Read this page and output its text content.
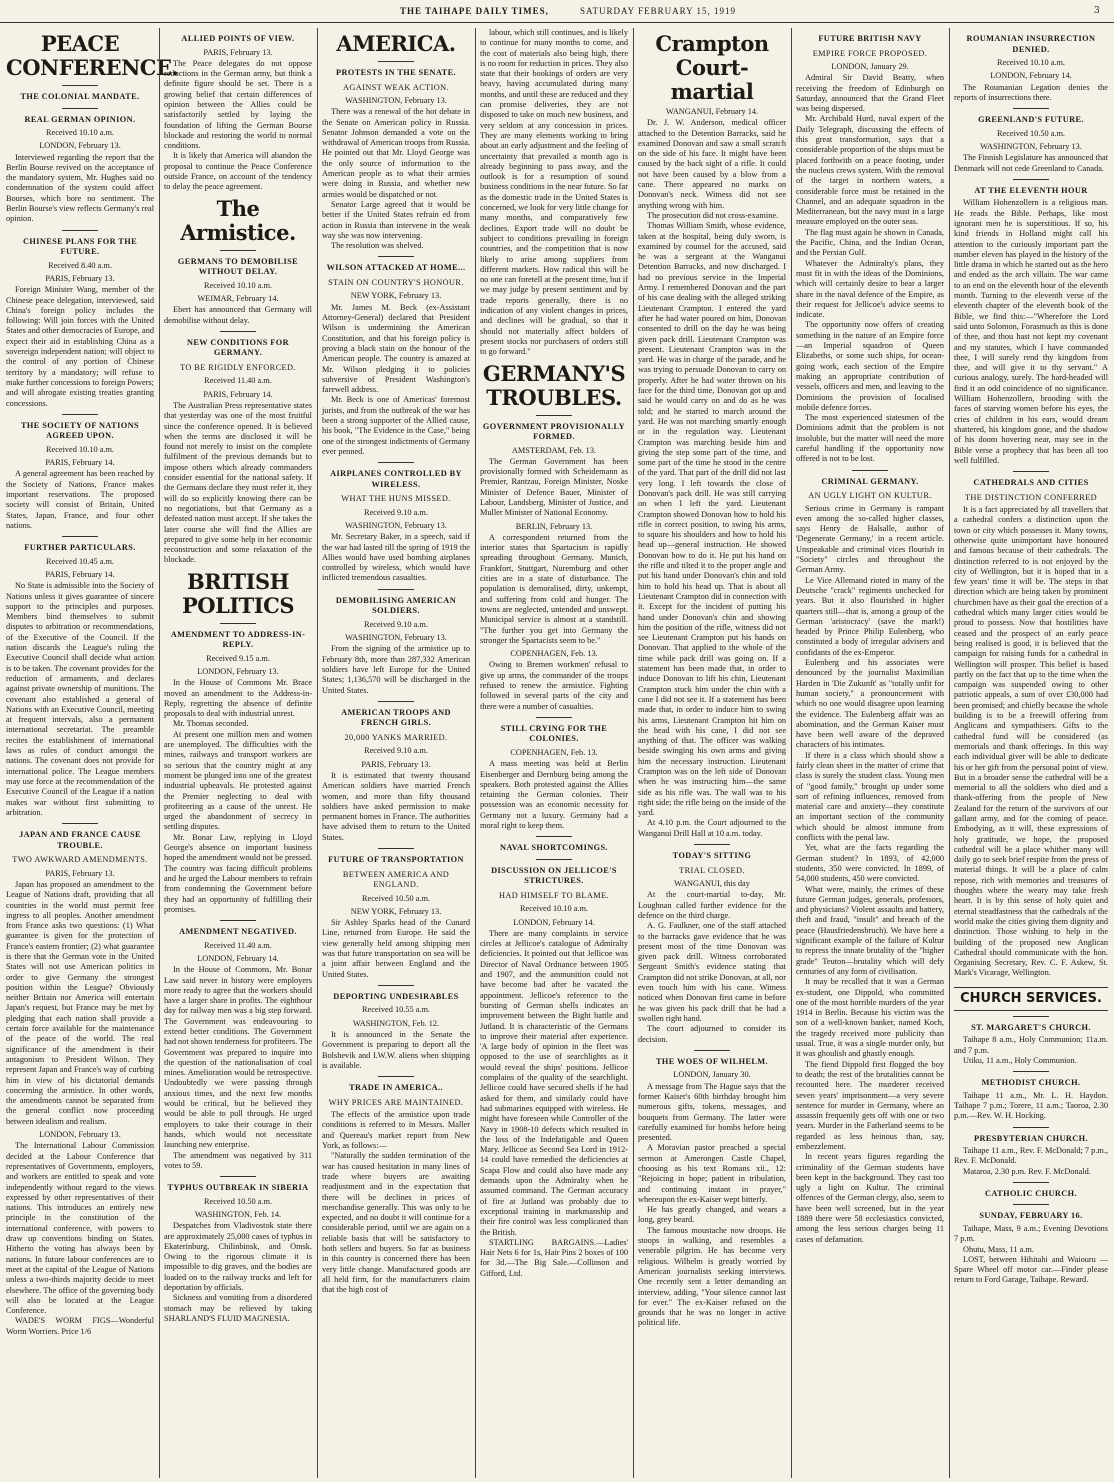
THE TAIHAPE DAILY TIMES,	SATURDAY FEBRUARY 15, 1919	3
PEACE CONFERENCE.
THE COLONIAL MANDATE.
REAL GERMAN OPINION.
Received 10.10 a.m.
LONDON, February 13.

Interviewed regarding the report that the Berlin Bourse revived on the acceptance of the mandatory system, Mr. Hughes said no condemnation of the system could affect Bourses, which bore no sentiment. The Berlin Bourse's view reflects Germany's real opinion.

CHINESE PLANS FOR THE FUTURE.
Received 8.40 a.m.
PARIS, February 13.

Foreign Minister Wang, member of the Chinese peace delegation, interviewed, said China's foreign policy includes the following: Will join forces with the United States and other democracies of Europe, and expect their aid in establishing China as a sovereign independent nation; will object to the control of any portion of Chinese territory by a mandatory; will refuse to make further concessions to foreign Powers; and will abrogate existing treaties granting concessions.

THE SOCIETY OF NATIONS AGREED UPON.
Received 10.10 a.m.
PARIS, February 14.

A general agreement has been reached by the Society of Nations, France makes important reservations. The proposed society will consist of Britain, United States, Japan, France, and four other nations.

FURTHER PARTICULARS.
Received 10.45 a.m.
PARIS, February 14.

No State is admissible into the Society of Nations unless it gives guarantee of sincere support to the principles and purposes. Members bind themselves to submit disputes to arbitration or recommendations, of the Executive of the Council. If the nation discards the League's ruling the Executive Council shall decide what action is to be taken. The covenant provides for the reduction of armaments, and declares against private ownership of munitions. The covenant also established a general of Nations with an Executive Council, meeting at frequent intervals, also a permanent international secretariat. The preamble recites the establishment of international laws as rules of conduct amongst the nations. The covenant does not provide for international police. The League members may use force at the recommendation of the Executive Council of the League if a nation makes war without first submitting to arbitration.

JAPAN AND FRANCE CAUSE TROUBLE.
TWO AWKWARD AMENDMENTS.
PARIS, February 13.

Japan has proposed an amendment to the League of Nations draft, providing that all countries in the world must permit free ingress to all peoples. Another amendment from France asks two questions: (1) What guarantee is given for the protection of France's eastern frontier; (2) what guarantee is there that the German vote in the United States will not use American politics in order to give Germany the strongest position within the League? Obviously neither Britain nor America will entertain Japan's request, but France may be met by pledging that each nation shall provide a certain force available for the maintenance of the peace of the world. The real significance of the amendment is their antagonism to President Wilson. They represent Japan and France's way of curbing him in view of his dictatorial demands concerning the armistice. In other words, the amendments cannot be separated from the general conflict now proceeding between idealism and realism.

LONDON, February 13.

The International Labour Commission decided at the Labour Conference that representatives of Governments, employers, and workers are entitled to speak and vote independently without regard to the views expressed by other representatives of their nations. This introduces an entirely new principle in the constitution of the international conference, with powers to draw up conventions binding on States. Hitherto the voting has always been by nations. In future labour conferences are to meet at the capital of the League of Nations unless a two-thirds majority decide to meet elsewhere. The office of the governing body will also be located at the League Conference.

WADE'S WORM FIGS—Wonderful Worm Worriers. Price 1/6

ALLIED POINTS OF VIEW.
PARIS, February 13.

The Peace delegates do not oppose reductions in the German army, but think a definite figure should be set. There is a growing belief that certain differences of opinion between the Allies could be satisfactorily settled by laying the foundation of lifting the German Bourse blockade and restoring the world to normal conditions.

It is likely that America will abandon the proposal to continue the Peace Conference outside France, on account of the tendency to delay the peace agreement.

The Armistice.
GERMANS TO DEMOBILISE WITHOUT DELAY.
Received 10.10 a.m.
WEIMAR, February 14.

Ebert has announced that Germany will demobilise without delay.

NEW CONDITIONS FOR GERMANY.
TO BE RIGIDLY ENFORCED.
Received 11.40 a.m.
PARIS, February 14.

The Australian Press representative states that yesterday was one of the most fruitful since the conference opened. It is believed when the terms are disclosed it will be found not merely to insist on the complete fulfilment of the previous demands but to impose others which already commanders consider essential for the national safety. If the Germans declare they must refer it, they will do so explicitly knowing there can be no negotiations, but that Germany as a defeated nation must accept. If she takes the later course she will find the Allies are prepared to give some help in her economic reconstruction and some relaxation of the blockade.

BRITISH POLITICS
AMENDMENT TO ADDRESS-IN-REPLY.
Received 9.15 a.m.
LONDON, February 13.

In the House of Commons Mr. Brace moved an amendment to the Address-in-Reply, regretting the absence of definite proposals to deal with industrial unrest.

Mr. Thomas seconded.

At present one million men and women are unemployed. The difficulties with the mines, railways and transport workers are so serious that the country might at any moment be plunged into one of the greatest industrial upheavals. He protested against the Premier neglecting to deal with profiteering as a cause of the unrest. He urged the abandonment of secrecy in settling disputes.

Mr. Bonar Law, replying in Lloyd George's absence on important business hoped the amendment would not be pressed. The country was facing difficult problems and he urged the Labour members to refrain from condemning the Government before they had an opportunity of fulfilling their promises.

AMENDMENT NEGATIVED.
Received 11.40 a.m.
LONDON, February 14.

In the House of Commons, Mr. Bonar Law said never in history were employers more ready to agree that the workers should have a larger share in profits. The eighthour day for railway men was a big step forward. The Government was endeavouring to extend better conditions. The Government had not shown tenderness for profiteers. The Government was prepared to inquire into the question of the nationalisation of coal mines. Amelioration would be retrospective. Undoubtedly we were passing through anxious times, and the next few months would be critical, but he believed they would be able to pull through. He urged employers to take their courage in their hands, which would not necessitate launching new enterprise.

The amendment was negatived by 311 votes to 59.

TYPHUS OUTBREAK IN SIBERIA
Received 10.50 a.m.
WASHINGTON, Feb. 14.

Despatches from Vladivostok state there are approximately 25,000 cases of typhus in Ekaterinburg, Chilinbinsk, and Omsk. Owing to the rigorous climate it is impossible to dig graves, and the bodies are loaded on to the railway trucks and left for deportation by officials.

Sickness and vomiting from a disordered stomach may be relieved by taking SHARLAND'S FLUID MAGNESIA.

AMERICA.
PROTESTS IN THE SENATE.
AGAINST WEAK ACTION.
WASHINGTON, February 13.

There was a renewal of the hot debate in the Senate on American policy in Russia. Senator Johnson demanded a vote on the withdrawal of American troops from Russia. He pointed out that Mr. Lloyd George was the only source of information to the American people as to what their armies were doing in Russia, and whether new armies would be dispatched or not.

Senator Large agreed that it would be better if the United States refrain ed from action in Russia than intervene in the weak way she was now intervening.

The resolution was shelved.

WILSON ATTACKED AT HOME...
STAIN ON COUNTRY'S HONOUR.
NEW YORK, February 13.

Mr. James M. Beck (ex-Assistant Attorney-General) declared that President Wilson is undermining the American Constitution, and that his foreign policy is proving a black stain on the honour of the American people. The country is amazed at Mr. Wilson pledging it to policies subversive of President Washington's farewell address.

Mr. Beck is one of Americas' foremost jurists, and from the outbreak of the war has been a strong supporter of the Allied cause, his book, "The Evidence in the Case," being one of the strongest indictments of Germany ever penned.

AIRPLANES CONTROLLED BY WIRELESS.
WHAT THE HUNS MISSED.
Received 9.10 a.m.
WASHINGTON, February 13.

Mr. Secretary Baker, in a speech, said if the war had lasted till the spring of 1919 the Allies would have used bombing airplanes controlled by wireless, which would have inflicted tremendous casualties.

DEMOBILISING AMERICAN SOLDIERS.
Received 9.10 a.m.
WASHINGTON, February 13.

From the signing of the armistice up to February 8th, more than 287,332 American soldiers have left Europe for the United States; 1,136,570 will be discharged in the United States.

AMERICAN TROOPS AND FRENCH GIRLS.
20,000 YANKS MARRIED.
Received 9.10 a.m.
PARIS, February 13.

It is estimated that twenty thousand American soldiers have married French women, and more than fifty thousand soldiers have asked permission to make permanent homes in France. The authorities have advised them to return to the United States.

FUTURE OF TRANSPORTATION
BETWEEN AMERICA AND ENGLAND.
Received 10.50 a.m.
NEW YORK, February 13.

Sir Ashley Sparks head of the Cunard Line, returned from Europe. He said the view generally held among shipping men was that future transportation on sea will be a joint affair between England and the United States.

DEPORTING UNDESIRABLES
Received 10.55 a.m.
WASHINGTON, Feb. 12.

It is announced in the Senate the Government is preparing to deport all the Bolshevik and I.W.W. aliens when shipping is available.

TRADE IN AMERICA..
WHY PRICES ARE MAINTAINED.

The effects of the armistice upon trade conditions is referred to in Messrs. Maller and Quereau's market report from New York, as follows:—

"Naturally the sudden termination of the war has caused hesitation in many lines of trade where buyers are awaiting readjustment and in the expectation that there will be declines in prices of merchandise generally. This was only to be expected, and no doubt it will continue for a considerable period, until we are again on a reliable basis that will be satisfactory to both sellers and buyers. So far as business in this country is concerned there has been very little change. Manufactured goods are all held firm, for the manufacturers claim that the high cost of

labour, which still continues, and is likely to continue for many months to come, and the cost of materials also being high, there is no room for reduction in prices. They also state that their bookings of orders are very heavy, having accumulated during many months, and until these are reduced and they can promise deliveries, they are not disposed to take on much new business, and very seldom at any concession in prices. They are many elements working to bring about an early adjustment and the feeling of uncertainty that prevailed a month ago is already beginning to pass away, and the outlook is for a resumption of sound business conditions in the near future. So far as the domestic trade in the United States is concerned, we look for very little change for many months, and comparatively few declines. Export trade will no doubt be subject to conditions prevailing in foreign countries, and the competition that is now likely to arise among suppliers from different markets. How radical this will be no one can foretell at the present time, but if we may judge by present sentiment and by trade reports generally, there is no indication of any violent changes in prices, and declines will be gradual, so that it should not materially affect holders of present stocks nor purchasers of orders still to go forward."

GERMANY'S TROUBLES.
GOVERNMENT PROVISIONALLY FORMED.
AMSTERDAM, Feb. 13.

The German Government has been provisionally formed with Scheidemann as Premier, Rantzau, Foreign Minister, Noske Minister of Defence Bauer, Minister of Labour, Landsberg, Minister of Justice, and Muller Minister of National Economy.

BERLIN, February 13.

A correspondent returned from the interior states that Spartacism is rapidly spreading throughout Germany. Munich, Frankfort, Stuttgart, Nuremburg and other cities are in a state of disturbance. The population is demoralised, dirty, unkempt, and suffering from cold and hunger. The towns are neglected, untended and unswept. Municipal service is almost at a standstill. "The further you get into Germany the stronger the Spartacists seem to be."

COPENHAGEN, Feb. 13.

Owing to Bremen workmen' refusal to give up arms, the commander of the troops refused to renew the armistice. Fighting followed in several parts of the city and there were a number of casualties.

STILL CRYING FOR THE COLONIES.
COPENHAGEN, Feb. 13.

A mass meeting was held at Berlin Eisenberger and Dernburg being among the speakers. Both protested against the Allies retaining the German colonies. Their possession was an economic necessity for Germany not a luxury. Germany had a moral right to keep them.

NAVAL SHORTCOMINGS.
DISCUSSION ON JELLICOE'S STRICTURES.
HAD HIMSELF TO BLAME.
Received 10.10 a.m.
LONDON, February 14.

There are many complaints in service circles at Jellicoe's catalogue of Admiralty deficiencies. It pointed out that Jellicoe was Director of Naval Ordnance between 1905 and 1907, and the ammunition could not have become bad after he vacated the appointment. Jellicoe's reference to the bursting of German shells indicates an improvement between the Bight battle and Jutland. It is characteristic of the Germans to improve their material after experience. 'A large body of opinion in the fleet was opposed to the use of searchlights as it would reveal the ships' positions. Jellicoe complains of the quality of the searchlight. Jellicoe could have secured shells if he had asked for them, and similarly could have had submarines equipped with wireless. He might have foreseen while Controller of the Navy in 1908-10 defects which resulted in the loss of the Indefatigable and Queen Mary. Jellicoe as Second Sea Lord in 1912-14 could have remedied the deficiencies at Scapa Flow and could also have made any demands upon the Admiralty when he assumed command. The German accuracy of fire at Jutland was probably due to exceptional training in markmanship and their fire control was less complicated than the British.

STARTLING BARGAINS.—Ladies' Hair Nets 6 for 1s, Hair Pins 2 boxes of 100 for 3d.—The Big Sale.—Collinson and Gifford, Ltd.

Crampton Court-martial
WANGANUI, February 14.

Dr. J. W. Anderson, medical officer attached to the Detention Barracks, said he examined Donovan and saw a small scratch on the side of his face. It might have been caused by the back sight of a rifle. It could not have been caused by a blow from a cane. There appeared no marks on Donovan's neck. Witness did not see anything wrong with him.

The prosecution did not cross-examine.

Thomas William Smith, whose evidence, taken at the hospital, being duly sworn, is examined by counsel for the accused, said he was a sergeant at the Wanganui Detention Barracks, and now discharged. I had no previous service in the Imperial Army. I remembered Donovan and the part of his case dealing with the alleged striking Lieutenant Crampton. I entered the yard after he had water poured on him, Donovan consented to drill on the day he was being given pack drill. Lieutenant Crampton was present. Lieutenant Crampton was in the yard. He was in charge of the parade, and he was trying to persuade Donovan to carry on properly. After he had water thrown on his face for the third time, Donovan got up and said he would carry on and do as he was told; and he started to march around the yard. He was not marching smartly enough or in the regulation way. Lieutenant Crampton was marching beside him and giving the step some part of the time, and some part of the time he stood in the centre of the yard. That part of the drill did not last very long. I left towards the close of Donovan's pack drill. He was still carrying on when I left the yard. Lieutenant Crampton showed Donovan how to hold his rifle in correct position, to swing his arms, to square his shoulders and how to hold his head up—general instruction. He showed Donovan how to do it. He put his hand on the rifle and tilted it to the proper angle and put his hand under Donovan's chin and told him to hold his head up. That is about all Lieutenant Crampton did in connection with it. Except for the incident of putting his hand under Donovan's chin and showing him the position of the rifle, witness did not see Lieutenant Crampton put his hands on Donovan. That applied to the whole of the time while pack drill was going on. If a statement has been made that, in order to induce Donovan to lift his chin, Lieutenant Crampton stuck him under the chin with a cane I did not see it. If a statement has been made that, in order to induce him to swing his arms, Lieutenant Crampton hit him on the head with his cane, I did not see anything of that. The officer was walking beside swinging his own arms and giving him the necessary instruction. Lieutenant Crampton was on the left side of Donovan when he was instructing him—the same side as his rifle was. The wall was to his right side; the rifle being on the inside of the yard.

At 4.10 p.m. the Court adjourned to the Wanganui Drill Hall at 10 a.m. today.

TODAY'S SITTING
TRIAL CLOSED.
WANGANUI, this day

At the court-martial to-day, Mr. Loughnan called further evidence for the defence on the third charge.

A. G. Faulkner, one of the staff attached to the barracks gave evidence that he was present most of the time Donovan was given pack drill. Witness corroborated Sergeant Smith's evidence stating that Crampton did not strike Donovan, at all, nor even touch him with his cane. Witness noticed when Donovan first came in before he was given his pack drill that he had a swollen right hand.

The court adjourned to consider its decision.

THE WOES OF WILHELM.
LONDON, January 30.

A message from The Hague says that the former Kaiser's 60th birthday brought him numerous gifts, tokens, messages, and bouquets from Germany. The latter were carefully examined for bombs before being presented.

A Moravian pastor preached a special sermon at Amerongen Castle Chapel, choosing as his text Romans xii., 12: "Rejoicing in hope; patient in tribulation, and continuing instant in prayer," whereupon the ex-Kaiser wept bitterly.

He has greatly changed, and wears a long, grey beard.

The famous moustache now droops. He stoops in walking, and resembles a venerable pilgrim. He has become very religious. Wilhelm is greatly worried by American journalists seeking interviews. One recently sent a letter demanding an interview, adding, "Your silence cannot last for ever." The ex-Kaiser refused on the grounds that he was no longer in active political life.

FUTURE BRITISH NAVY
EMPIRE FORCE PROPOSED.
LONDON, January 29.

Admiral Sir David Beatty, when receiving the freedom of Edinburgh on Saturday, announced that the Grand Fleet was being dispersed.

Mr. Archibald Hurd, naval expert of the Daily Telegraph, discussing the effects of this great transformation, says that a considerable proportion of the ships must be placed forthwith on a peace footing, under the nucleus crews system. With the removal of the target in northern waters, a considerable force must be retained in the Channel, and an adequate squadron in the Mediterranean, but the navy must in a large measure employed on the outer seas.

The flag must again be shown in Canada, the Pacific, China, and the Indian Ocean, and the Persian Gulf.

Whatever the Admiralty's plans, they must fit in with the ideas of the Dominions, which will certainly desire to bear a larger share in the naval defence of the Empire, as their request for Jellicoe's advice seems to indicate.

The opportunity now offers of creating something in the nature of an Empire force—an Imperial squadron of Queen Elizabeths, or some such ships, for ocean-going work, each section of the Empire making an appropriate contribution of vessels, officers and men, and leaving to the Dominions the provision of localised mobile defence forces.

The most experienced statesmen of the Dominions admit that the problem is not insoluble, but the matter will need the more careful handling if the opportunity now offered is not to be lost.

CRIMINAL GERMANY.
AN UGLY LIGHT ON KULTUR.

Serious crime in Germany is rampant even among the so-called higher classes, says Henry de Halsalle, author of 'Degenerate Germany,' in a recent article. Unspeakable and criminal vices flourish in "Society" circles and throughout the German Army.

Le Vice Allemand rioted in many of the Deutsche "crack" regiments unchecked for years. But it also flourished in higher quarters still—that is, among a group of the German 'aristocracy' (save the mark!) headed by Prince Philip Eulenberg, who constituted a body of irregular advisers and confidants of the ex-Emperor.

Eulenberg and his associates were denounced by the journalist Maximilian Harden in 'Die Zukunft' as "totally unfit for human society," a pronouncement with which no one would disagree upon learning the evidence. The Eulenberg affair was an abomination, and the German Kaiser must have been well aware of the depraved characters of his intimates.

If there is a class which should show a fairly clean sheet in the matter of crime that class is surely the student class. Young men of "good family," brought up under some sort of refining influences, removed from material care and anxiety—they constitute an important section of the community which should be almost immune from conflicts with the penal law.

Yet, what are the facts regarding the German student? In 1893, of 42,000 students, 350 were convicted. In 1899, of 54,000 students, 450 were convicted.

What were, mainly, the crimes of these future German judges, generals, professors, and physicians? Violent assaults and battery, theft and fraud, "insult" and breach of the peace (Hausfriedensbruch). We have here a significant example of the failure of Kultur to repress the innate brutality of the "higher grade" Teuton—brutality which will defy centuries of any form of civilisation.

It may be recalled that it was a German ex-student, one Dippold, who committed one of the most horrible murders of the year 1914 in Berlin. Because his victim was the son of a well-known banker, named Koch, the tragedy received more publicity than usual. True, it was a single murder only, but it was ghoulish and ghastly enough.

The fiend Dippold first flogged the boy to death; the rest of the brutalities cannot be recounted here. The murderer received seven years' imprisonment—a very severe sentence for murder in Germany, where an assassin frequently gets off with one or two years. Murder in the Fatherland seems to be regarded as less heinous than, say, embezzlement.

In recent years figures regarding the criminality of the German students have been kept in the background. They cast too ugly a light on Kultur. The criminal offences of the German clergy, also, seem to have been well screened, but in the year 1889 there were 58 ecclesiastics convicted, among the less serious charges being 11 cases of defamation.

ROUMANIAN INSURRECTION DENIED.
Received 10.10 a.m.
LONDON, February 14.

The Roumanian Legation denies the reports of insurrections there.

GREENLAND'S FUTURE.
Received 10.50 a.m.
WASHINGTON, February 13.

The Finnish Legislature has announced that Denmark will not cede Greenland to Canada.

AT THE ELEVENTH HOUR

William Hohenzollern is a religious man. He reads the Bible. Perhaps, like most ignorant men he is superstitious. If so, his kind friends in Holland might call his attention to the curiously important part the number eleven has played in the history of the little drama in which he started out as the hero and ended as the arch villain. The war came to an end on the eleventh hour of the eleventh month. Turning to the eleventh verse of the eleventh chapter of the eleventh book of the Bible, we find this:—"Wherefore the Lord said unto Solomon, Forasmuch as this is done of thee, and thou hast not kept my covenant and my statutes, which I have commanded thee, I will surely rend thy kingdom from thee, and will give it to thy servant." A curious analogy, surely. The hard-headed will find it an odd coincidence of no significance. William Hohenzollern, brooding with the faces of starving women before his eyes, the cries of children in his ears, would dream shattered, his kingdom gone, and the shadow of his doom hovering near, may see in the Bible verse a prophecy that has been all too well fulfilled.

CATHEDRALS AND CITIES
THE DISTINCTION CONFERRED

It is a fact appreciated by all travellers that a cathedral confers a distinction upon the town or city which possesses it. Many towns, otherwise quite unimportant have honoured and famous because of their cathedrals. The distinction referred to is not enjoyed by the city of Wellington, but it is hoped that in a few years' time it will be. The steps in that direction which are being taken by prominent churchmen have as their goal the erection of a cathedral which many larger cities would be proud to possess. Now that hostilities have ceased and the prospect of an early peace being realised is good, it is believed that the campaign for raising funds for a cathedral in Wellington will prosper. This belief is based partly on the fact that up to the time when the campaign was suspended owing to other patriotic appeals, a sum of over £30,000 had been promised; and chiefly because the whole building is to be a freewill offering from Anglicans and sympathisers. Gifts to the cathedral fund will be considered (as memorials and thank offerings. In this way each individual giver will be able to dedicate his or her gift from the personal point of view. But in a broader sense the cathedral will be a memorial to all the soldiers who died and a thank-offering from the people of New Zealand for the return of the survivors of our gallant army, and for the coming of peace. Embodying, as it will, these expressions of holy gratitude, we hope, the proposed cathedral will be a place whither many will daily go to seek brief respite from the press of material things. It will be a place of calm repose, rich with memories and treasures of thoughts where the weary may take fresh heart. It is by this sense of holy quiet and eternal steadfastness that the cathedrals of the world make the cities giving them dignity and distinction. Those wishing to help in the building of the proposed new Anglican Cathedral should communicate with the hon. Organising Secretary, Rev. C. F. Askew, St. Mark's Vicarage, Wellington.

CHURCH SERVICES.
ST. MARGARET'S CHURCH.

Taihape 8 a.m., Holy Communion; 11a.m. and 7 p.m.

Utiku, 11 a.m., Holy Communion.

METHODIST CHURCH.

Taihape 11 a.m., Mr. L. H. Haydon. Taihape 7 p.m.; Torere, 11 a.m.; Taoroa, 2.30 p.m.—Rev. W. H. Hocking.

PRESBYTERIAN CHURCH.

Taihape 11 a.m., Rev. F. McDonald; 7 p.m., Rev. F. McDonald.

Mataroa, 2.30 p.m. Rev. F. McDonald.

CATHOLIC CHURCH.
SUNDAY, FEBRUARY 16.

Taihape, Mass, 9 a.m.; Evening Devotions 7 p.m.

Ohutu, Mass, 11 a.m.

LOST, between Hihitahi and Waiouru —Spare Wheel off motor car.—Finder please return to Ford Garage, Taihape. Reward.
